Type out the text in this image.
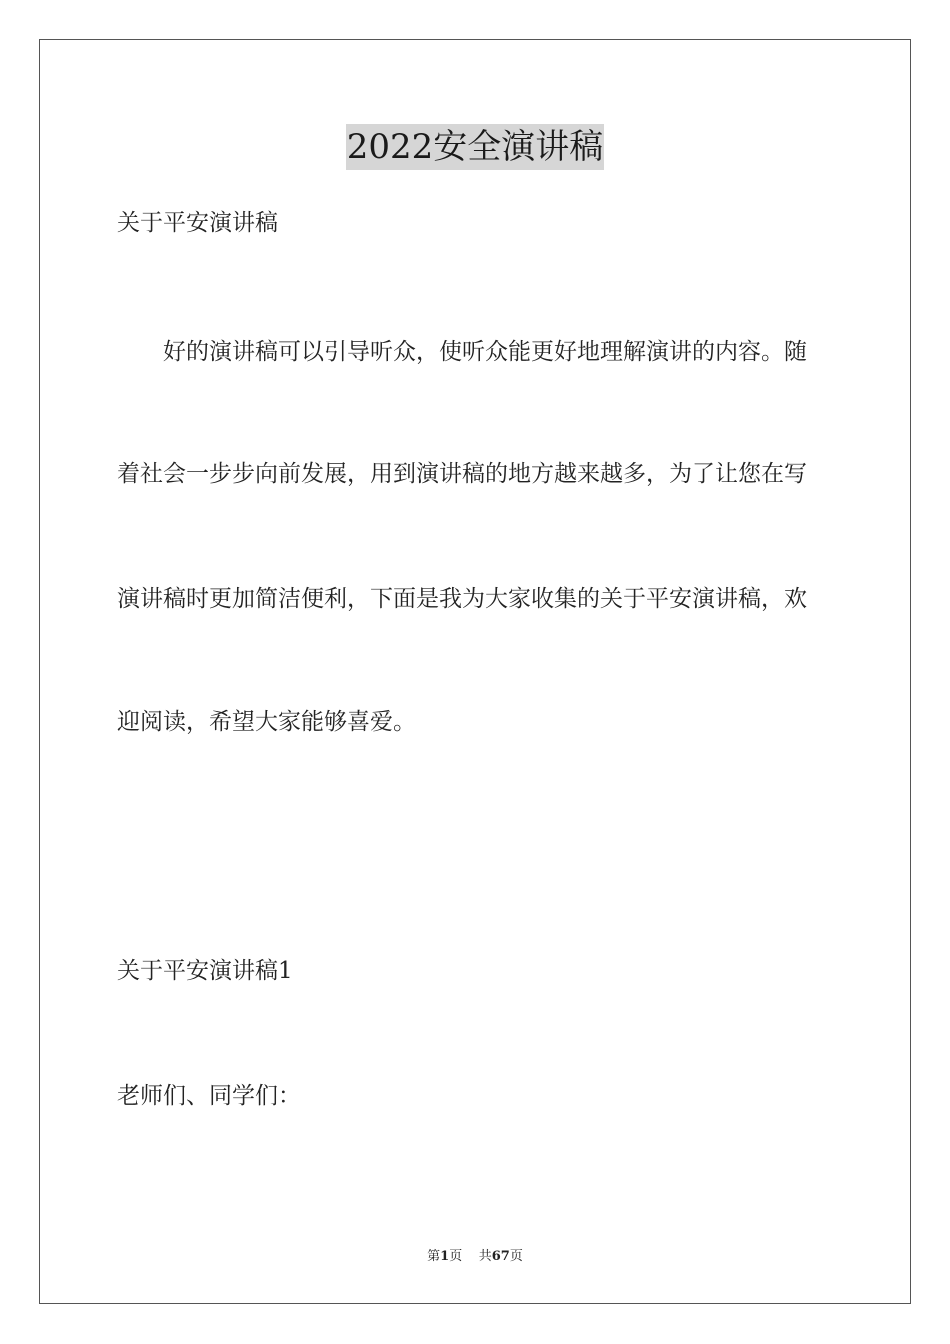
2022安全演讲稿
关于平安演讲稿
好的演讲稿可以引导听众，使听众能更好地理解演讲的内容。随
着社会一步步向前发展，用到演讲稿的地方越来越多，为了让您在写
演讲稿时更加简洁便利，下面是我为大家收集的关于平安演讲稿，欢
迎阅读，希望大家能够喜爱。
关于平安演讲稿1
老师们、同学们：
第1页 共67页
